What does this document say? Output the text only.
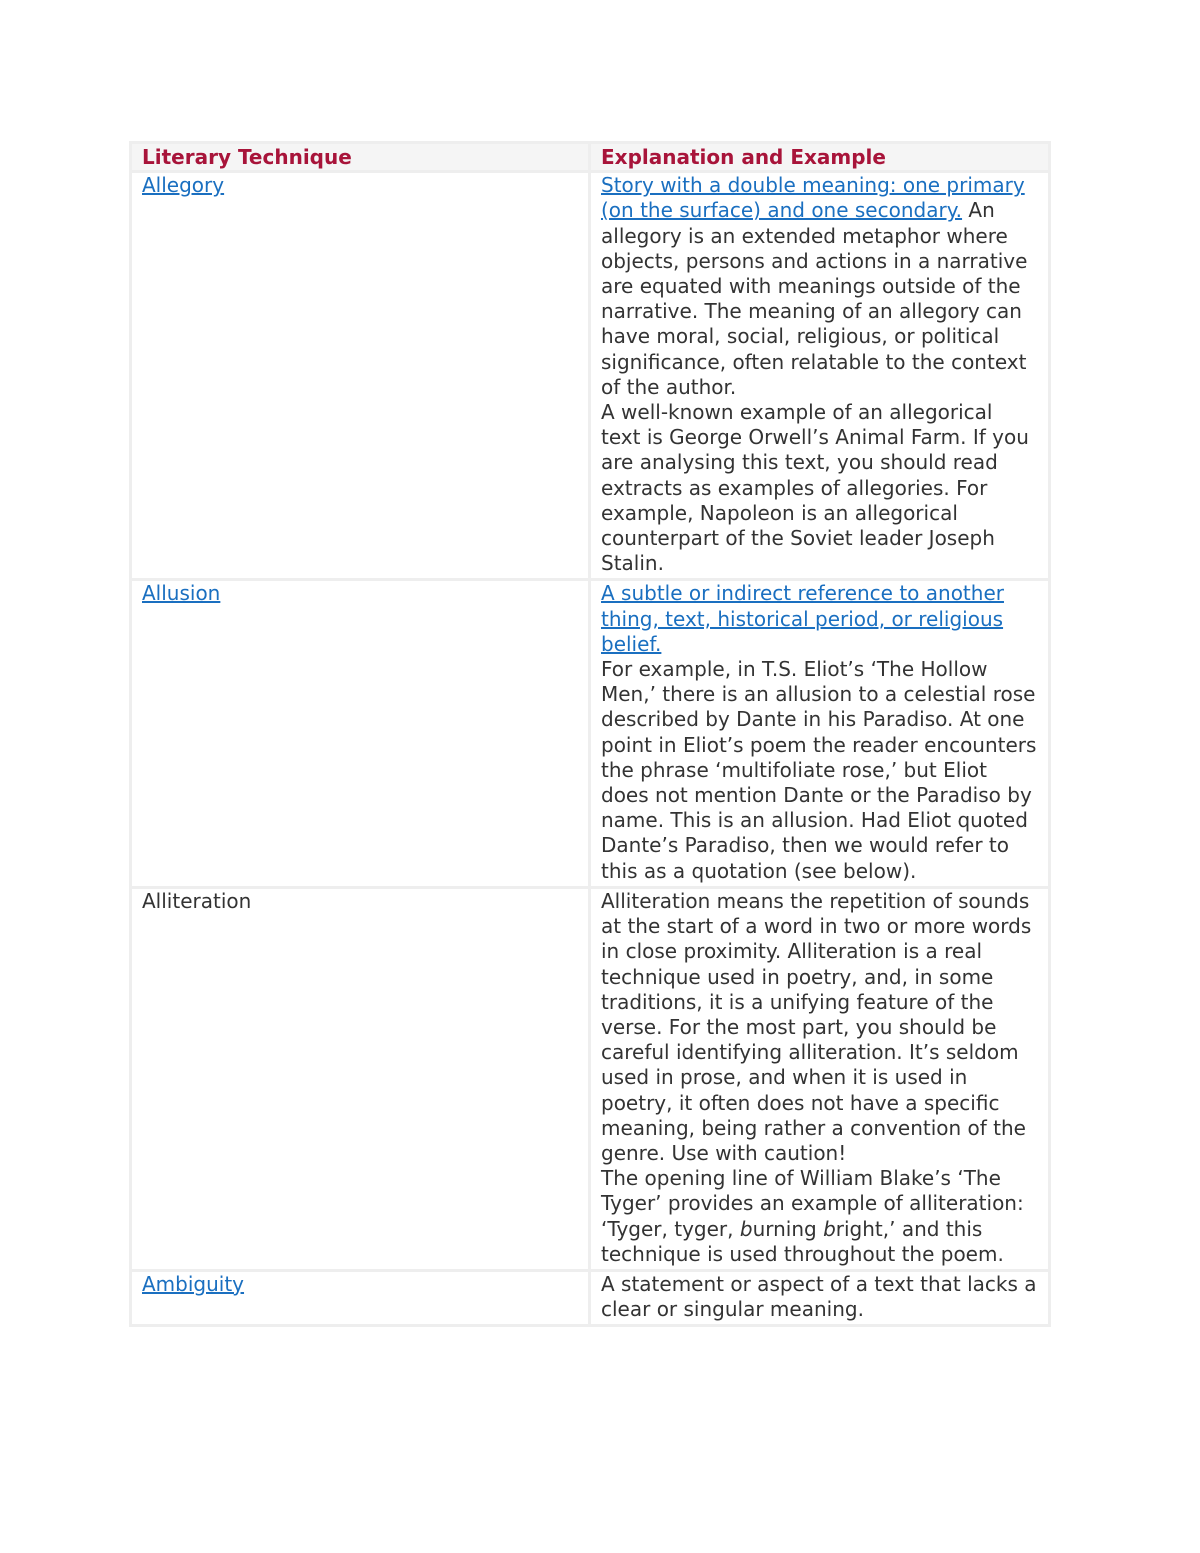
Literary Technique	Explanation and Example
Allegory	Story with a double meaning: one primary (on the surface) and one secondary. An allegory is an extended metaphor where objects, persons and actions in a narrative are equated with meanings outside of the narrative. The meaning of an allegory can have moral, social, religious, or political significance, often relatable to the context of the author.

A well-known example of an allegorical text is George Orwell’s Animal Farm. If you are analysing this text, you should read extracts as examples of allegories. For example, Napoleon is an allegorical counterpart of the Soviet leader Joseph Stalin.

Allusion	A subtle or indirect reference to another thing, text, historical period, or religious belief.

For example, in T.S. Eliot’s ‘The Hollow Men,’ there is an allusion to a celestial rose described by Dante in his Paradiso. At one point in Eliot’s poem the reader encounters the phrase ‘multifoliate rose,’ but Eliot does not mention Dante or the Paradiso by name. This is an allusion. Had Eliot quoted Dante’s Paradiso, then we would refer to this as a quotation (see below).

Alliteration	Alliteration means the repetition of sounds at the start of a word in two or more words in close proximity. Alliteration is a real technique used in poetry, and, in some traditions, it is a unifying feature of the verse. For the most part, you should be careful identifying alliteration. It’s seldom used in prose, and when it is used in poetry, it often does not have a specific meaning, being rather a convention of the genre. Use with caution!

The opening line of William Blake’s ‘The Tyger’ provides an example of alliteration: ‘Tyger, tyger, burning bright,’ and this technique is used throughout the poem.

Ambiguity	A statement or aspect of a text that lacks a clear or singular meaning.
